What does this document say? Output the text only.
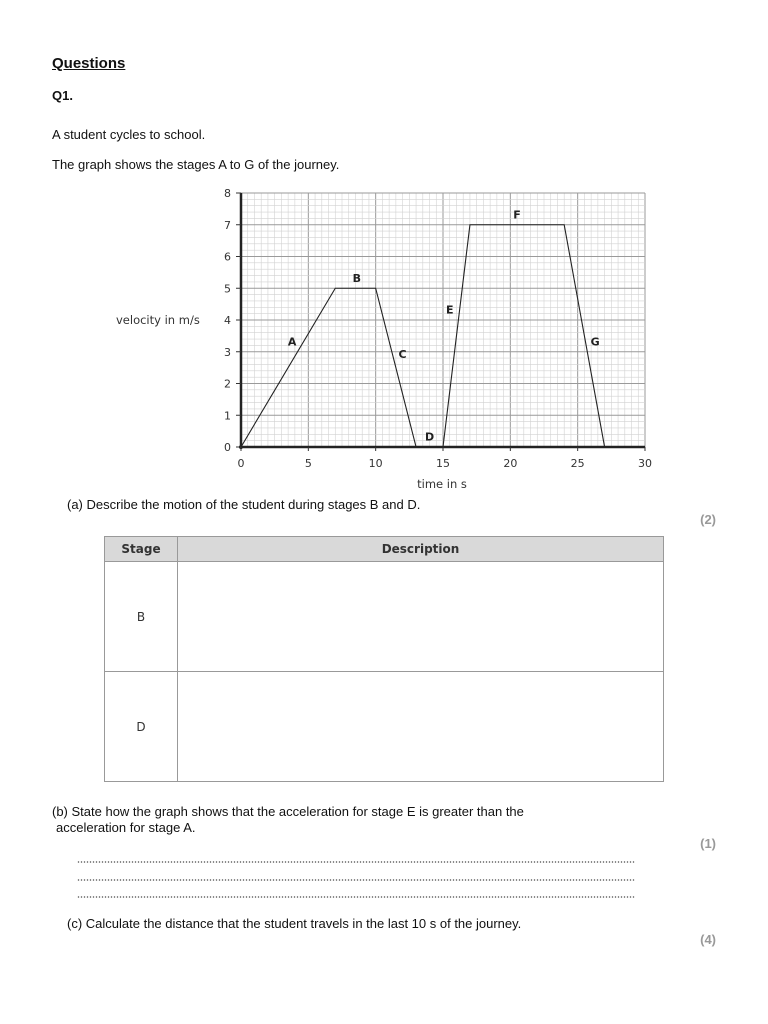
Questions
Q1.
A student cycles to school.
The graph shows the stages A to G of the journey.
0	5	10	15	20	25	30
0
1
2
3
4
5
6
7
8
A
B
C
D
E
F
G
velocity in m/s
time in s
(a) Describe the motion of the student during stages B and D.
(2)
Stage	Description
B	
D	
(b) State how the graph shows that the acceleration for stage E is greater than the
acceleration for stage A.
(1)
(c) Calculate the distance that the student travels in the last 10 s of the journey.
(4)
